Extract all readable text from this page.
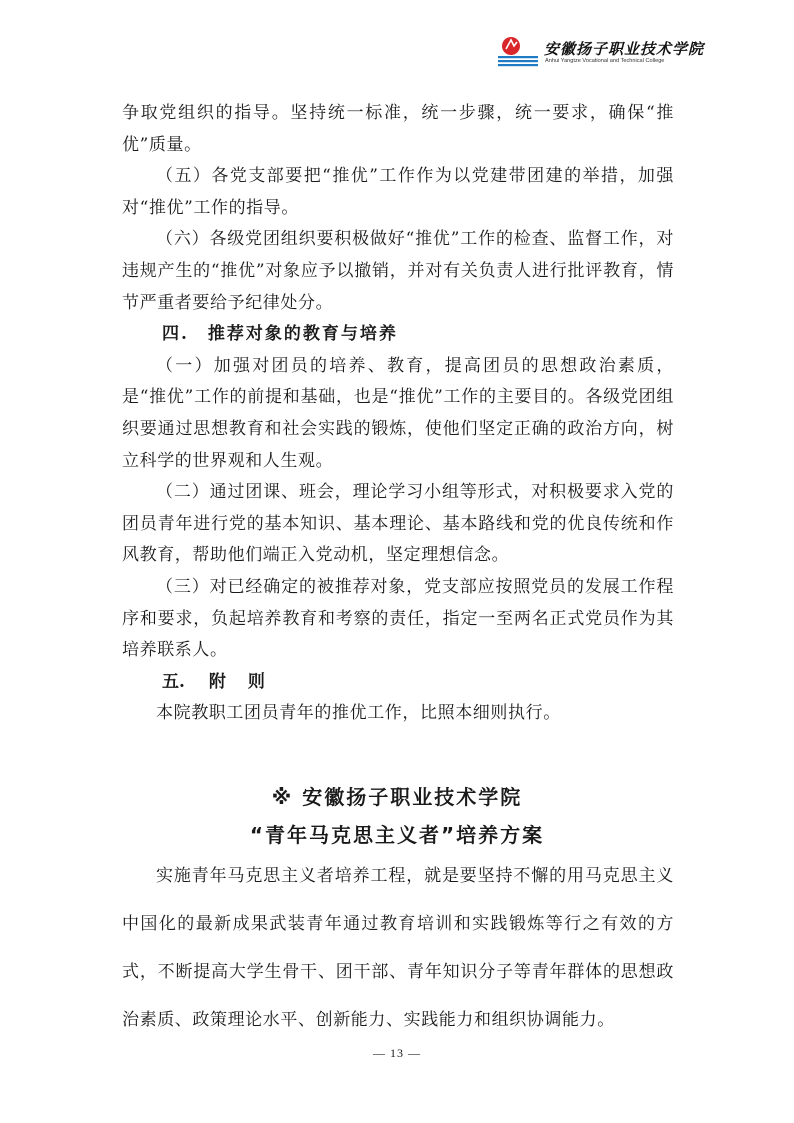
安徽扬子职业技术学院
Anhui Yangtze Vocational and Technical College

争取党组织的指导。坚持统一标准，统一步骤，统一要求，确保“推优”质量。

（五）各党支部要把“推优”工作作为以党建带团建的举措，加强对“推优”工作的指导。

（六）各级党团组织要积极做好“推优”工作的检查、监督工作，对违规产生的“推优”对象应予以撤销，并对有关负责人进行批评教育，情节严重者要给予纪律处分。

四.　推荐对象的教育与培养

（一）加强对团员的培养、教育，提高团员的思想政治素质，是“推优”工作的前提和基础，也是“推优”工作的主要目的。各级党团组织要通过思想教育和社会实践的锻炼，使他们坚定正确的政治方向，树立科学的世界观和人生观。

（二）通过团课、班会，理论学习小组等形式，对积极要求入党的团员青年进行党的基本知识、基本理论、基本路线和党的优良传统和作风教育，帮助他们端正入党动机，坚定理想信念。

（三）对已经确定的被推荐对象，党支部应按照党员的发展工作程序和要求，负起培养教育和考察的责任，指定一至两名正式党员作为其培养联系人。

五. 附则

本院教职工团员青年的推优工作，比照本细则执行。

※ 安徽扬子职业技术学院
“青年马克思主义者”培养方案

实施青年马克思主义者培养工程，就是要坚持不懈的用马克思主义中国化的最新成果武装青年通过教育培训和实践锻炼等行之有效的方式，不断提高大学生骨干、团干部、青年知识分子等青年群体的思想政治素质、政策理论水平、创新能力、实践能力和组织协调能力。

— 13 —
